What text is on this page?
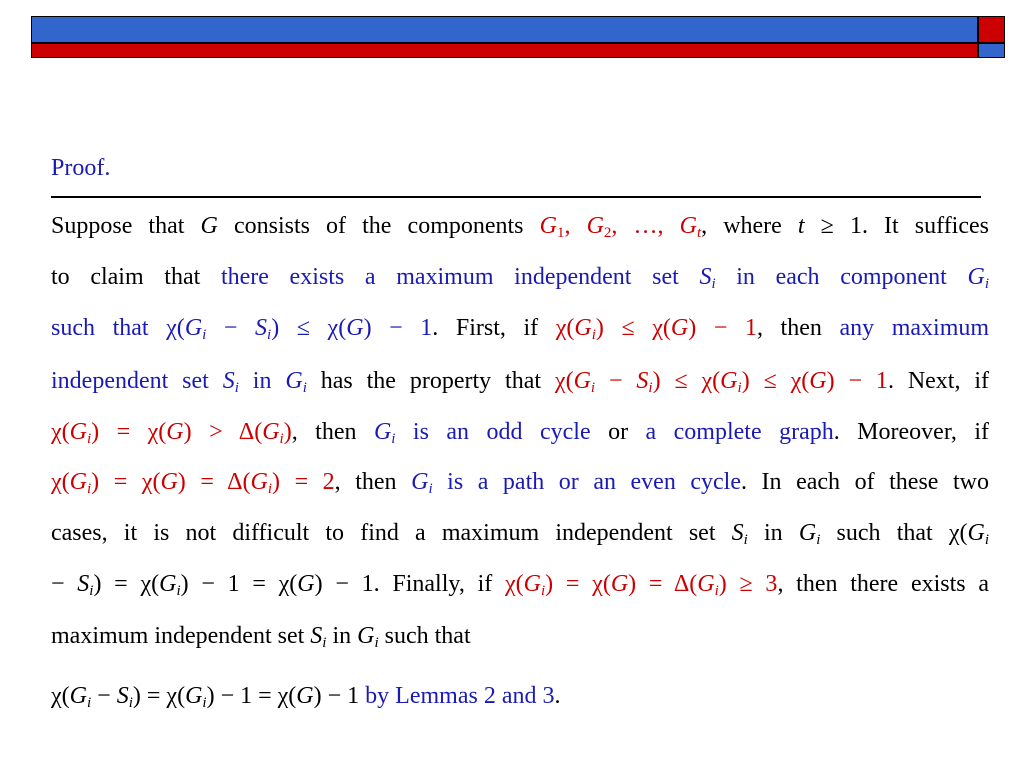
Proof.
Suppose that G consists of the components $G_1$, $G_2$, …, $G_t$, where t ≥ 1. It suffices
to claim that there exists a maximum independent set $S_i$ in each component $G_i$
such that $\chi(G_i - S_i) \le \chi(G) - 1$. First, if $\chi(G_i) \le \chi(G) - 1$, then any maximum
independent set $S_i$ in $G_i$ has the property that $\chi(G_i - S_i) \le \chi(G_i) \le \chi(G) - 1$. Next, if
$\chi(G_i) = \chi(G) > \Delta(G_i)$, then $G_i$ is an odd cycle or a complete graph. Moreover, if
$\chi(G_i) = \chi(G) = \Delta(G_i) = 2$, then $G_i$ is a path or an even cycle. In each of these two
cases, it is not difficult to find a maximum independent set $S_i$ in $G_i$ such that $\chi(G_i$
− $S_i) = \chi(G_i) - 1 = \chi(G) - 1$. Finally, if $\chi(G_i) = \chi(G) = \Delta(G_i) \ge 3$, then there exists a
maximum independent set $S_i$ in $G_i$ such that
$\chi(G_i - S_i) = \chi(G_i) - 1 = \chi(G) - 1$ by Lemmas 2 and 3.
